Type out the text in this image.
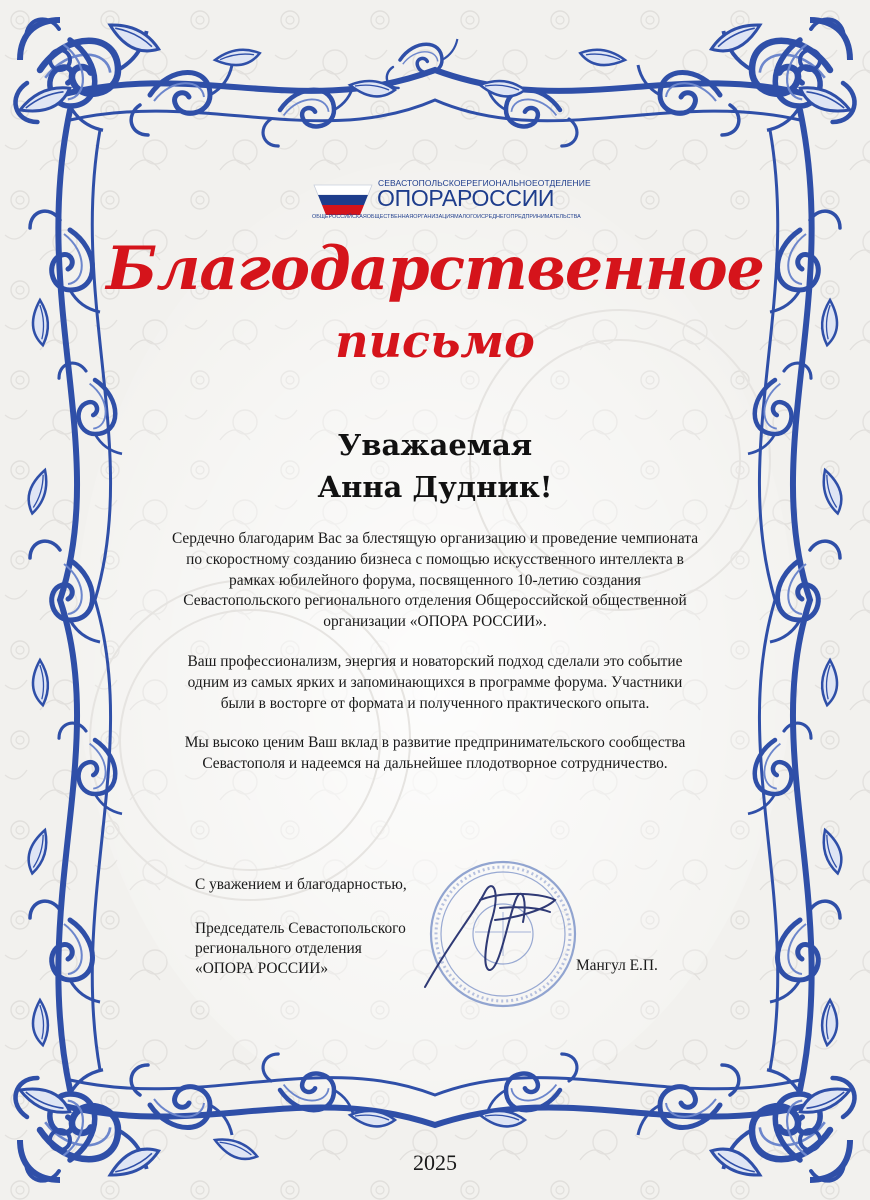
СЕВАСТОПОЛЬСКОЕРЕГИОНАЛЬНОЕОТДЕЛЕНИЕ
ОПОРАРОССИИ
ОБЩЕРОССИЙСКАЯОБЩЕСТВЕННАЯОРГАНИЗАЦИЯМАЛОГОИСРЕДНЕГОПРЕДПРИНИМАТЕЛЬСТВА
Благодарственное
письмо
Уважаемая
Анна Дудник!

Сердечно благодарим Вас за блестящую организацию и проведение чемпионата по скоростному созданию бизнеса с помощью искусственного интеллекта в рамках юбилейного форума, посвященного 10-летию создания Севастопольского регионального отделения Общероссийской общественной организации «ОПОРА РОССИИ».

Ваш профессионализм, энергия и новаторский подход сделали это событие одним из самых ярких и запоминающихся в программе форума. Участники были в восторге от формата и полученного практического опыта.

Мы высоко ценим Ваш вклад в развитие предпринимательского сообщества Севастополя и надеемся на дальнейшее плодотворное сотрудничество.

С уважением и благодарностью,
Председатель Севастопольского
регионального отделения
«ОПОРА РОССИИ»	Мангул Е.П.
2025
